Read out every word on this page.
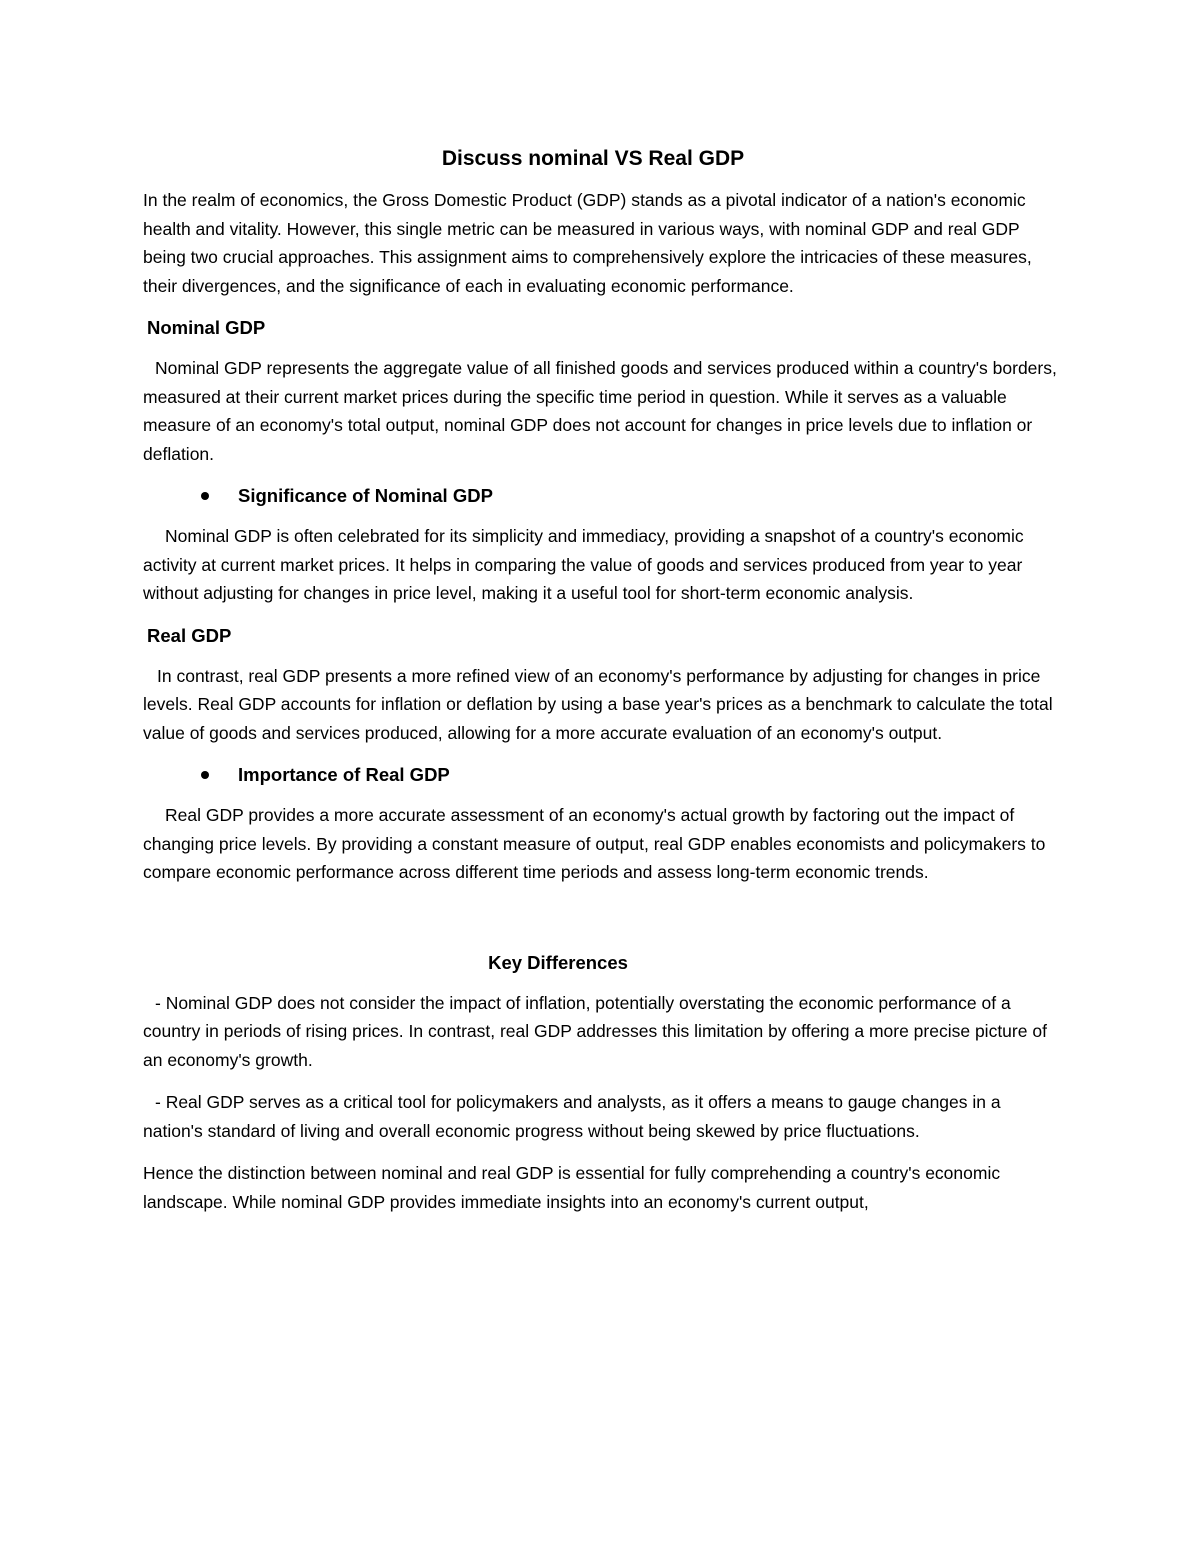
Discuss nominal VS Real GDP

In the realm of economics, the Gross Domestic Product (GDP) stands as a pivotal indicator of a nation's economic health and vitality. However, this single metric can be measured in various ways, with nominal GDP and real GDP being two crucial approaches. This assignment aims to comprehensively explore the intricacies of these measures, their divergences, and the significance of each in evaluating economic performance.

Nominal GDP

Nominal GDP represents the aggregate value of all finished goods and services produced within a country's borders, measured at their current market prices during the specific time period in question. While it serves as a valuable measure of an economy's total output, nominal GDP does not account for changes in price levels due to inflation or deflation.

Significance of Nominal GDP

Nominal GDP is often celebrated for its simplicity and immediacy, providing a snapshot of a country's economic activity at current market prices. It helps in comparing the value of goods and services produced from year to year without adjusting for changes in price level, making it a useful tool for short-term economic analysis.

Real GDP

In contrast, real GDP presents a more refined view of an economy's performance by adjusting for changes in price levels. Real GDP accounts for inflation or deflation by using a base year's prices as a benchmark to calculate the total value of goods and services produced, allowing for a more accurate evaluation of an economy's output.

Importance of Real GDP

Real GDP provides a more accurate assessment of an economy's actual growth by factoring out the impact of changing price levels. By providing a constant measure of output, real GDP enables economists and policymakers to compare economic performance across different time periods and assess long-term economic trends.

Key Differences

- Nominal GDP does not consider the impact of inflation, potentially overstating the economic performance of a country in periods of rising prices. In contrast, real GDP addresses this limitation by offering a more precise picture of an economy's growth.

- Real GDP serves as a critical tool for policymakers and analysts, as it offers a means to gauge changes in a nation's standard of living and overall economic progress without being skewed by price fluctuations.

Hence the distinction between nominal and real GDP is essential for fully comprehending a country's economic landscape. While nominal GDP provides immediate insights into an economy's current output,
